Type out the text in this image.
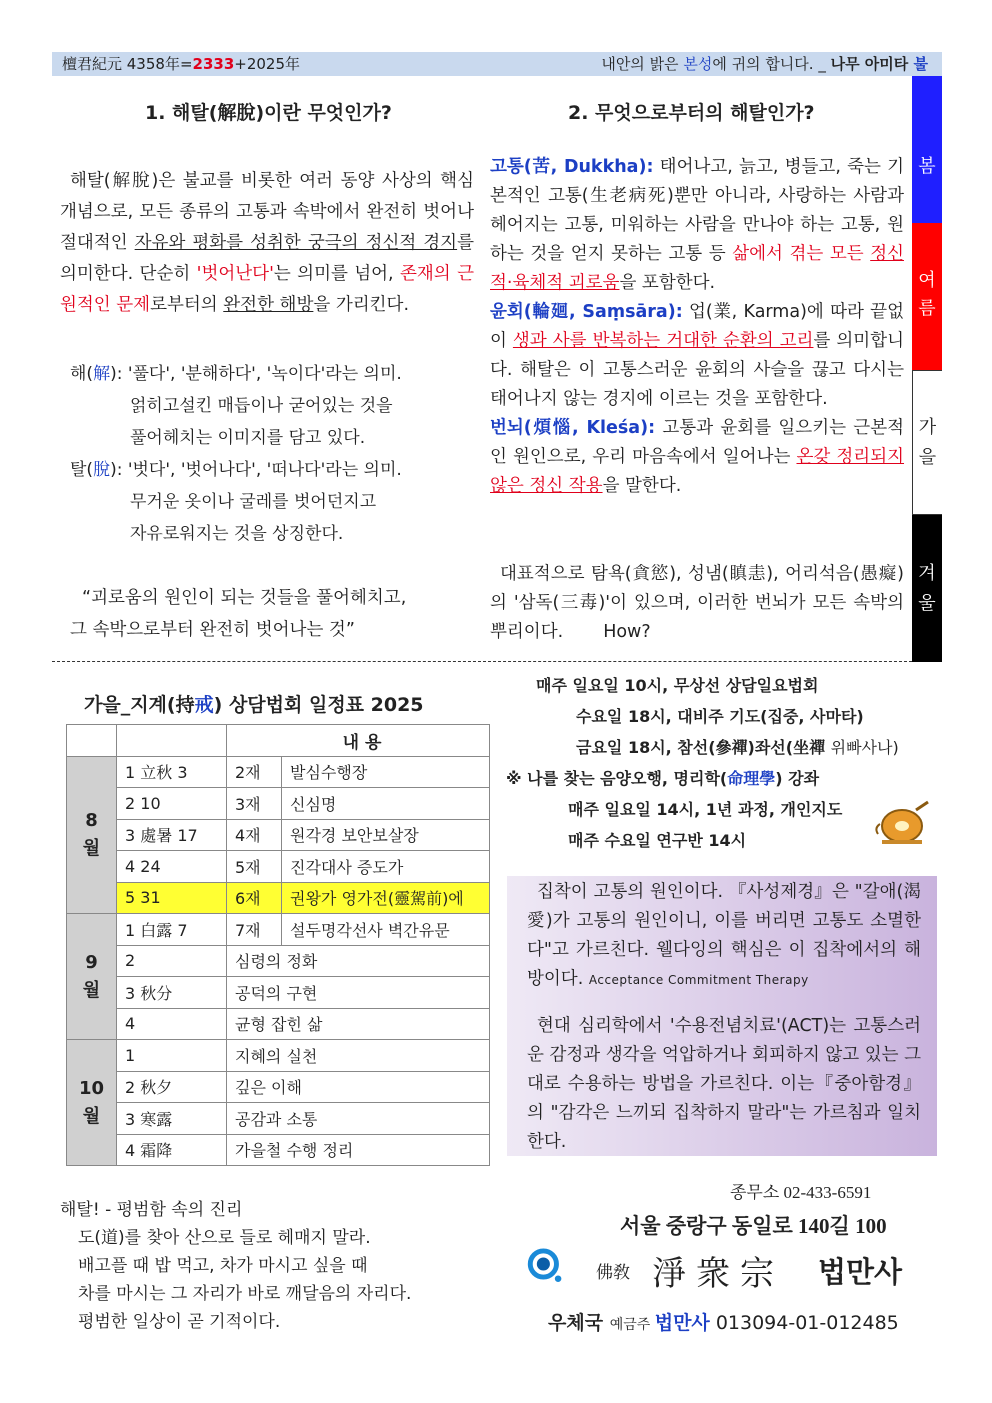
檀君紀元 4358年=2333+2025年	내안의 밝은 본성에 귀의 합니다. _ 나무 아미타 불
봄
여름
가을
겨울
1. 해탈(解脫)이란 무엇인가?
해탈(解脫)은 불교를 비롯한 여러 동양 사상의 핵심 개념으로, 모든 종류의 고통과 속박에서 완전히 벗어나 절대적인 자유와 평화를 성취한 궁극의 정신적 경지를 의미한다. 단순히 '벗어난다'는 의미를 넘어, 존재의 근원적인 문제로부터의 완전한 해방을 가리킨다.
해(解): '풀다', '분해하다', '녹이다'라는 의미.
얽히고설킨 매듭이나 굳어있는 것을
풀어헤치는 이미지를 담고 있다.
탈(脫): '벗다', '벗어나다', '떠나다'라는 의미.
무거운 옷이나 굴레를 벗어던지고
자유로워지는 것을 상징한다.
“괴로움의 원인이 되는 것들을 풀어헤치고,
그 속박으로부터 완전히 벗어나는 것”
2. 무엇으로부터의 해탈인가?
고통(苦, Dukkha): 태어나고, 늙고, 병들고, 죽는 기본적인 고통(生老病死)뿐만 아니라, 사랑하는 사람과 헤어지는 고통, 미워하는 사람을 만나야 하는 고통, 원하는 것을 얻지 못하는 고통 등 삶에서 겪는 모든 정신적·육체적 괴로움을 포함한다.
윤회(輪廻, Saṃsāra): 업(業, Karma)에 따라 끝없이 생과 사를 반복하는 거대한 순환의 고리를 의미합니다. 해탈은 이 고통스러운 윤회의 사슬을 끊고 다시는 태어나지 않는 경지에 이르는 것을 포함한다.
번뇌(煩惱, Kleśa): 고통과 윤회를 일으키는 근본적인 원인으로, 우리 마음속에서 일어나는 온갖 정리되지 않은 정신 작용을 말한다.
대표적으로 탐욕(貪慾), 성냄(瞋恚), 어리석음(愚癡)의 '삼독(三毒)'이 있으며, 이러한 번뇌가 모든 속박의 뿌리이다. How?
가을_지계(持戒) 상담법회 일정표 2025
		내 용	
8
월	1 立秋 3	2재	발심수행장
	2 10	3재	신심명
	3 處暑 17	4재	원각경 보안보살장
	4 24	5재	진각대사 증도가
	5 31	6재	권왕가 영가전(靈駕前)에
9
월	1 白露 7	7재	설두명각선사 벽간유문
	2	심령의 정화	
	3 秋分	공덕의 구현	
	4	균형 잡힌 삶	
10
월	1	지혜의 실천	
	2 秋夕	깊은 이해	
	3 寒露	공감과 소통	
	4 霜降	가을철 수행 정리	
매주 일요일 10시, 무상선 상담일요법회
수요일 18시, 대비주 기도(집중, 사마타)
금요일 18시, 참선(參禪)좌선(坐禪 위빠사나)
※ 나를 찾는 음양오행, 명리학(命理學) 강좌
매주 일요일 14시, 1년 과정, 개인지도
매주 수요일 연구반 14시
집착이 고통의 원인이다. 『사성제경』은 "갈애(渴愛)가 고통의 원인이니, 이를 버리면 고통도 소멸한다"고 가르친다. 웰다잉의 핵심은 이 집착에서의 해방이다. Acceptance Commitment Therapy
현대 심리학에서 '수용전념치료'(ACT)는 고통스러운 감정과 생각을 억압하거나 회피하지 않고 있는 그대로 수용하는 방법을 가르친다. 이는『중아함경』의 "감각은 느끼되 집착하지 말라"는 가르침과 일치한다.
해탈! - 평범함 속의 진리
도(道)를 찾아 산으로 들로 헤매지 말라.
배고플 때 밥 먹고, 차가 마시고 싶을 때
차를 마시는 그 자리가 바로 깨달음의 자리다.
평범한 일상이 곧 기적이다.
종무소 02-433-6591
서울 중랑구 동일로 140길 100
佛敎 淨衆宗 법만사
우체국 예금주 법만사 013094-01-012485
